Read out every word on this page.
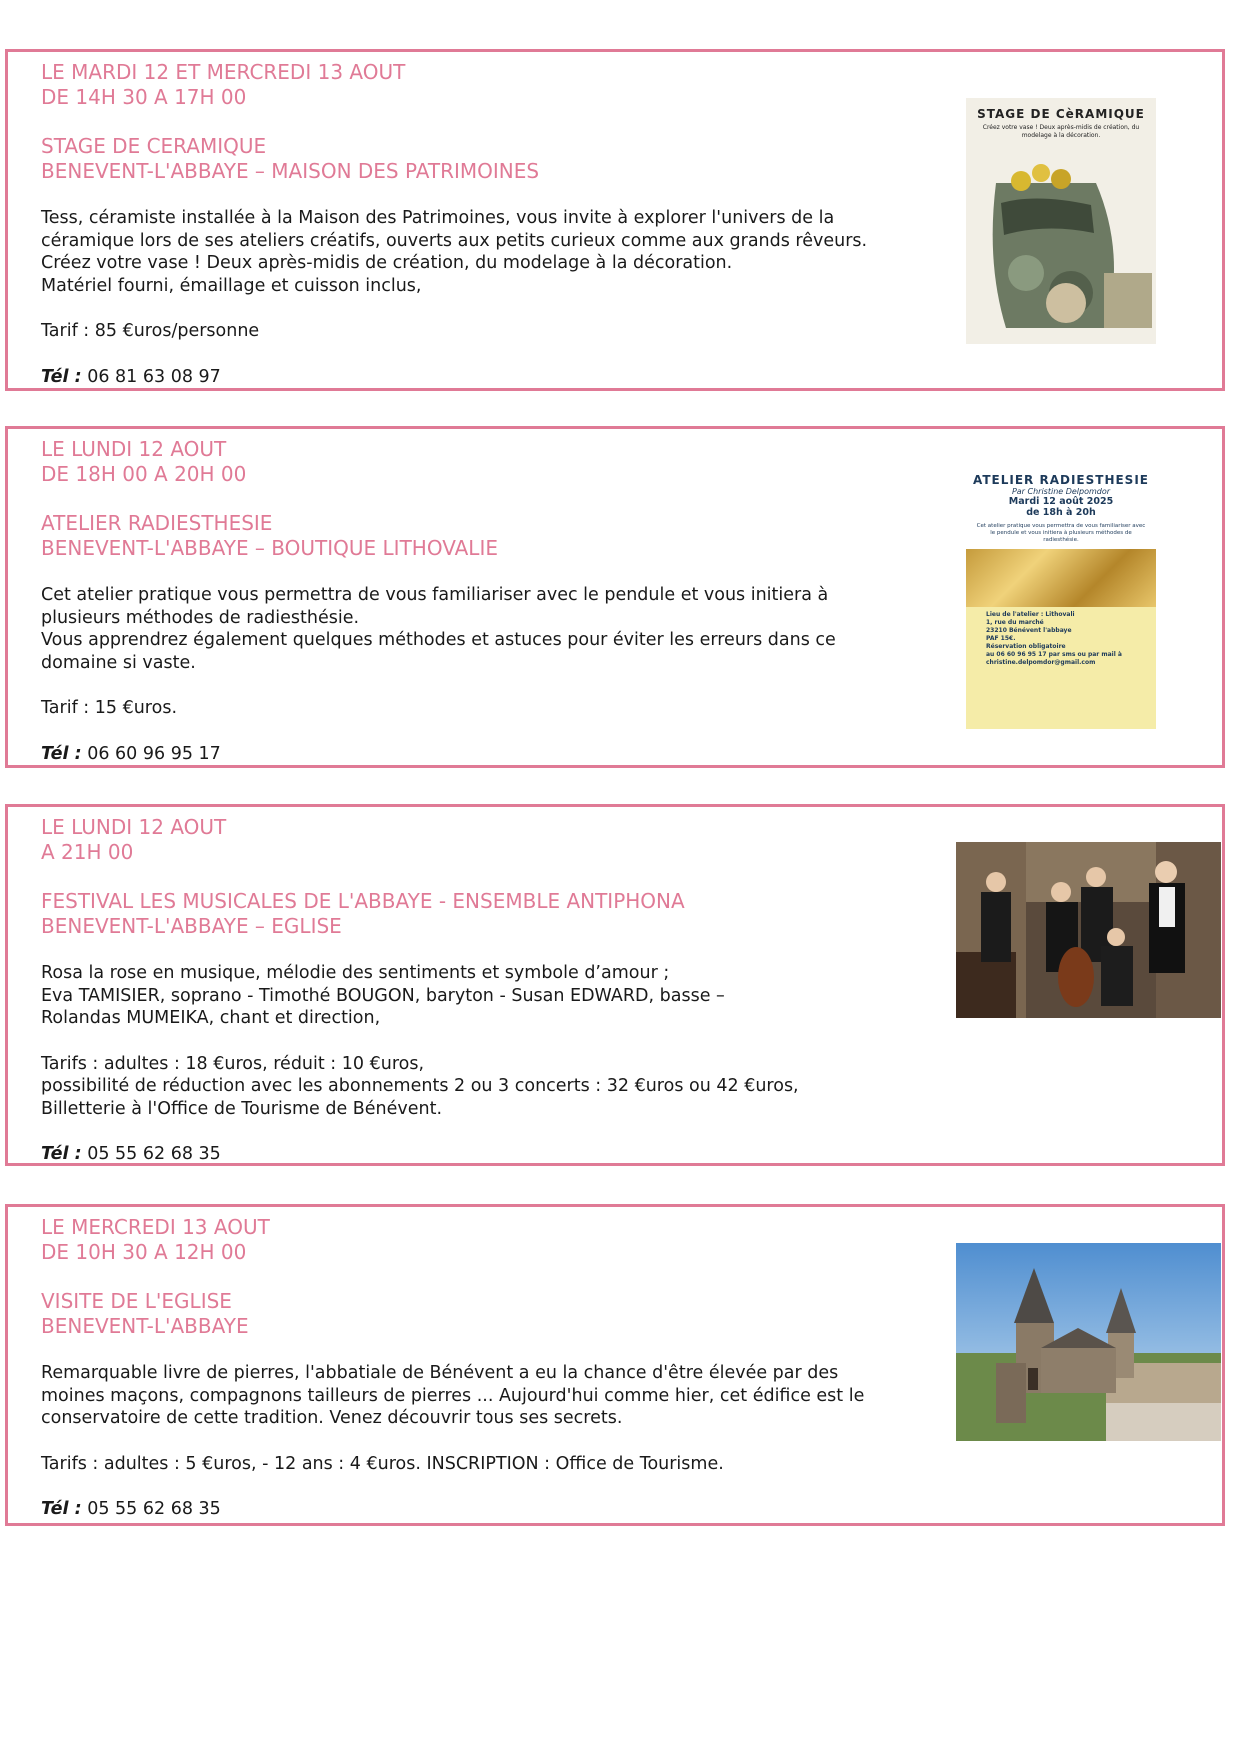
LE MARDI 12 ET MERCREDI 13 AOUT
DE 14H 30 A 17H 00
STAGE DE CERAMIQUE
BENEVENT-L'ABBAYE – MAISON DES PATRIMOINES
Tess, céramiste installée à la Maison des Patrimoines, vous invite à explorer l'univers de la
céramique lors de ses ateliers créatifs, ouverts aux petits curieux comme aux grands rêveurs.
Créez votre vase ! Deux après-midis de création, du modelage à la décoration.
Matériel fourni, émaillage et cuisson inclus,
Tarif : 85 €uros/personne
Tél : 06 81 63 08 97
STAGE DE CèRAMIQUE
Créez votre vase ! Deux après-midis de création, du modelage à la décoration.
LE LUNDI 12 AOUT
DE 18H 00 A 20H 00
ATELIER RADIESTHESIE
BENEVENT-L'ABBAYE – BOUTIQUE LITHOVALIE
Cet atelier pratique vous permettra de vous familiariser avec le pendule et vous initiera à
plusieurs méthodes de radiesthésie.
Vous apprendrez également quelques méthodes et astuces pour éviter les erreurs dans ce
domaine si vaste.
Tarif : 15 €uros.
Tél : 06 60 96 95 17
ATELIER RADIESTHESIE
Par Christine Delpomdor
Mardi 12 août 2025
de 18h à 20h
Cet atelier pratique vous permettra de vous familiariser avec le pendule et vous initiera à plusieurs méthodes de radiesthésie.
Lieu de l'atelier : Lithovali
1, rue du marché
23210 Bénévent l'abbaye
PAF 15€.
Réservation obligatoire
au 06 60 96 95 17 par sms ou par mail à
christine.delpomdor@gmail.com
LE LUNDI 12 AOUT
A 21H 00
FESTIVAL LES MUSICALES DE L'ABBAYE - ENSEMBLE ANTIPHONA
BENEVENT-L'ABBAYE – EGLISE
Rosa la rose en musique, mélodie des sentiments et symbole d’amour ;
Eva TAMISIER, soprano - Timothé BOUGON, baryton - Susan EDWARD, basse –
Rolandas MUMEIKA, chant et direction,
Tarifs : adultes : 18 €uros, réduit : 10 €uros,
possibilité de réduction avec les abonnements 2 ou 3 concerts : 32 €uros ou 42 €uros,
Billetterie à l'Office de Tourisme de Bénévent.
Tél : 05 55 62 68 35
LE MERCREDI 13 AOUT
DE 10H 30 A 12H 00
VISITE DE L'EGLISE
BENEVENT-L'ABBAYE
Remarquable livre de pierres, l'abbatiale de Bénévent a eu la chance d'être élevée par des
moines maçons, compagnons tailleurs de pierres ... Aujourd'hui comme hier, cet édifice est le
conservatoire de cette tradition. Venez découvrir tous ses secrets.
Tarifs : adultes : 5 €uros, - 12 ans : 4 €uros. INSCRIPTION : Office de Tourisme.
Tél : 05 55 62 68 35
